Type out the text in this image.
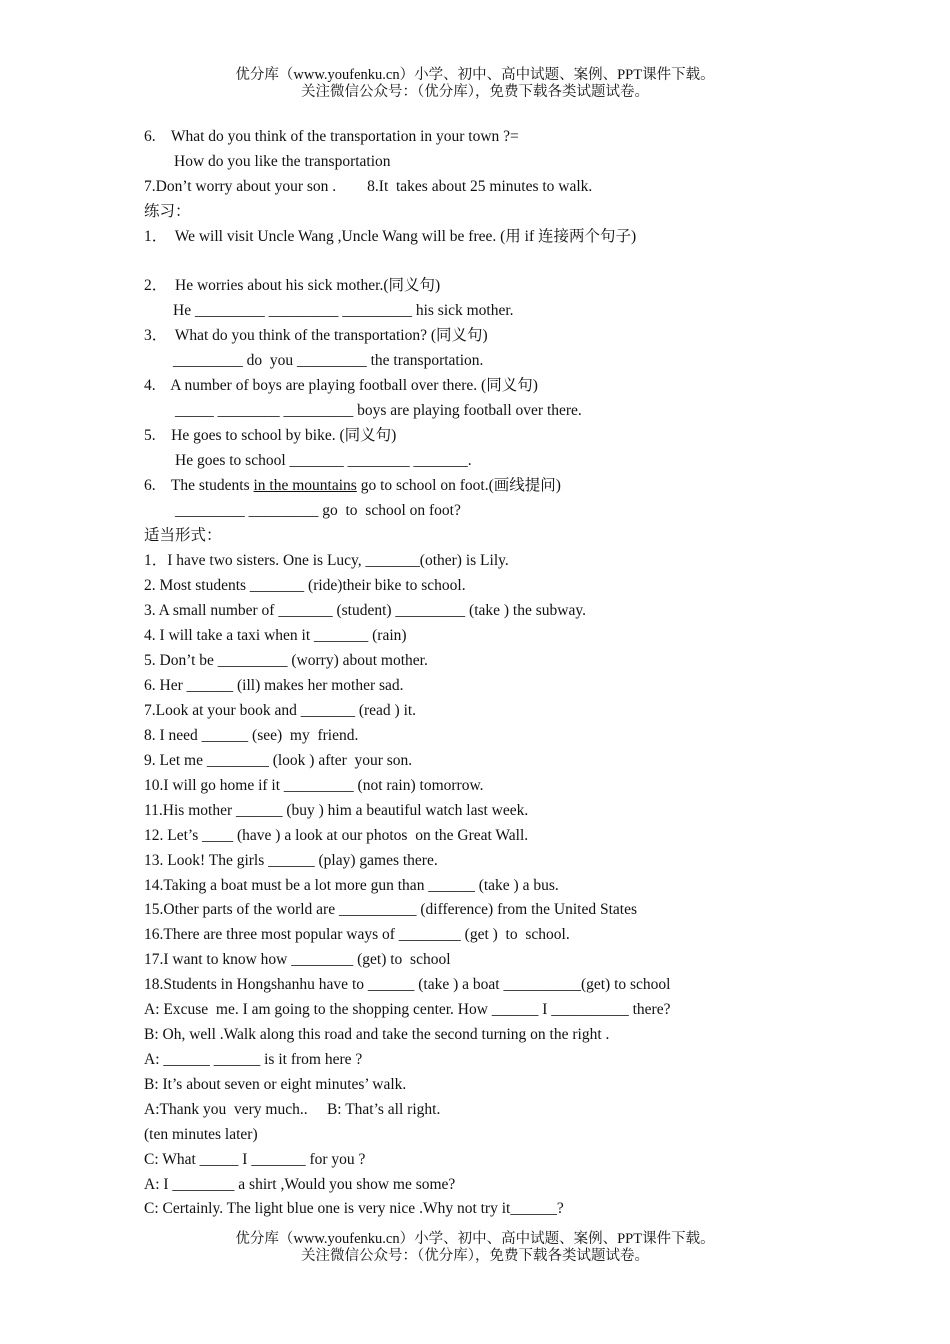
优分库（www.youfenku.cn）小学、初中、高中试题、案例、PPT课件下载。
关注微信公众号：（优分库），免费下载各类试题试卷。
6.    What do you think of the transportation in your town ?=
How do you like the transportation
7.Don’t worry about your son .        8.It  takes about 25 minutes to walk.
练习：
1．  We will visit Uncle Wang ,Uncle Wang will be free. (用 if 连接两个句子)
2．  He worries about his sick mother.(同义句)
He _________ _________ _________ his sick mother.
3．  What do you think of the transportation? (同义句)
_________ do  you _________ the transportation.
4.    A number of boys are playing football over there. (同义句)
_____ ________ _________ boys are playing football over there.
5.    He goes to school by bike. (同义句)
He goes to school _______ ________ _______.
6.    The students in the mountains go to school on foot.(画线提问)
_________ _________ go  to  school on foot?
适当形式：
1．I have two sisters. One is Lucy, _______(other) is Lily.
2. Most students _______ (ride)their bike to school.
3. A small number of _______ (student) _________ (take ) the subway.
4. I will take a taxi when it _______ (rain)
5. Don’t be _________ (worry) about mother.
6. Her ______ (ill) makes her mother sad.
7.Look at your book and _______ (read ) it.
8. I need ______ (see)  my  friend.
9. Let me ________ (look ) after  your son.
10.I will go home if it _________ (not rain) tomorrow.
11.His mother ______ (buy ) him a beautiful watch last week.
12. Let’s ____ (have ) a look at our photos  on the Great Wall.
13. Look! The girls ______ (play) games there.
14.Taking a boat must be a lot more gun than ______ (take ) a bus.
15.Other parts of the world are __________ (difference) from the United States
16.There are three most popular ways of ________ (get )  to  school.
17.I want to know how ________ (get) to  school
18.Students in Hongshanhu have to ______ (take ) a boat __________(get) to school
A: Excuse  me. I am going to the shopping center. How ______ I __________ there?
B: Oh, well .Walk along this road and take the second turning on the right .
A: ______ ______ is it from here ?
B: It’s about seven or eight minutes’ walk.
A:Thank you  very much..     B: That’s all right.
(ten minutes later)
C: What _____ I _______ for you ?
A: I ________ a shirt ,Would you show me some?
C: Certainly. The light blue one is very nice .Why not try it______?
优分库（www.youfenku.cn）小学、初中、高中试题、案例、PPT课件下载。
关注微信公众号：（优分库），免费下载各类试题试卷。
